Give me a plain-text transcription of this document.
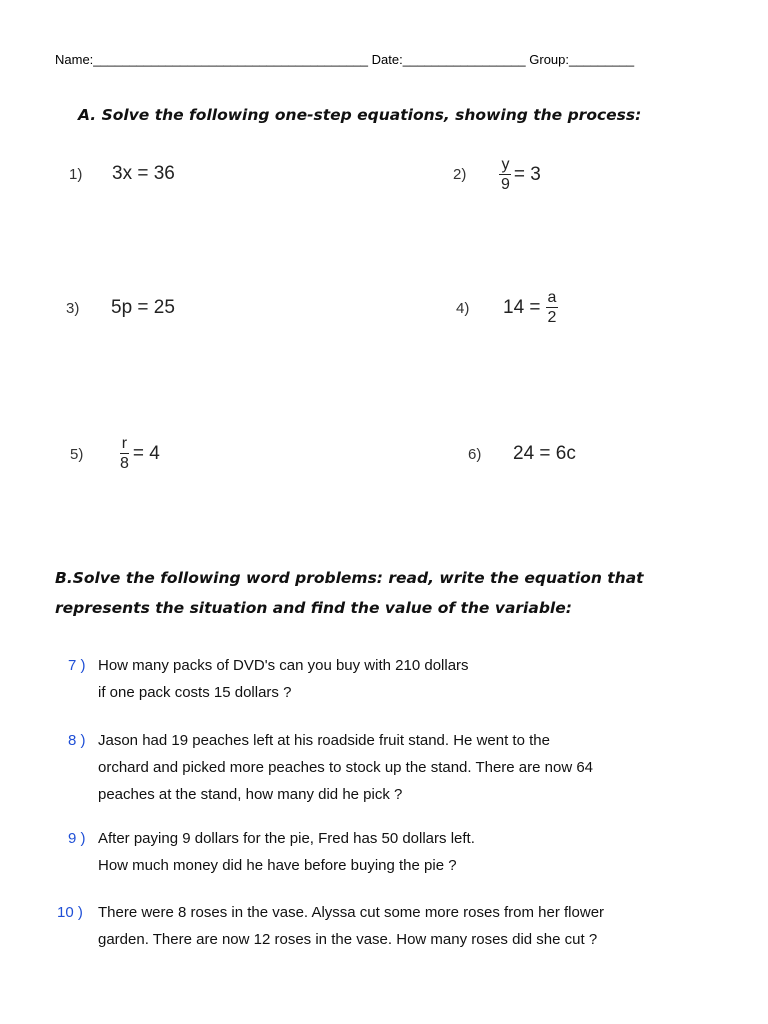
Name:______________________________________ Date:_________________ Group:_________
A. Solve the following one-step equations, showing the process:
1) 3x = 36	$2) \frac{y}{9} = 3$
3) 5p = 25	4) $14 = \frac{a}{2}$
$5) \frac{r}{8} = 4$	6) 24 = 6c
B.Solve the following word problems: read, write the equation that
represents the situation and find the value of the variable:
7 ) How many packs of DVD's can you buy with 210 dollars
if one pack costs 15 dollars ?
8 ) Jason had 19 peaches left at his roadside fruit stand. He went to the
orchard and picked more peaches to stock up the stand. There are now 64
peaches at the stand, how many did he pick ?
9 ) After paying 9 dollars for the pie, Fred has 50 dollars left.
How much money did he have before buying the pie ?
10 ) There were 8 roses in the vase. Alyssa cut some more roses from her flower
garden. There are now 12 roses in the vase. How many roses did she cut ?
